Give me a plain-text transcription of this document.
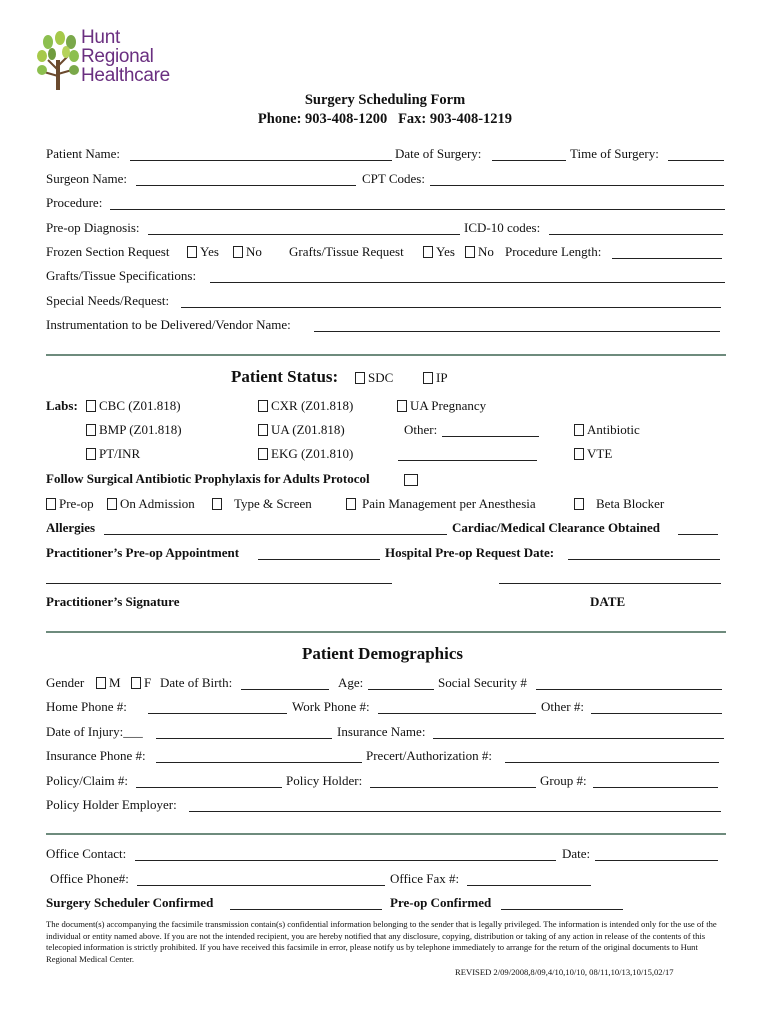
Hunt
Regional
Healthcare
Surgery Scheduling Form
Phone: 903-408-1200   Fax: 903-408-1219
Patient Name:	Date of Surgery:	Time of Surgery:
Surgeon Name:	CPT Codes:
Procedure:
Pre-op Diagnosis:	ICD-10 codes:
Frozen Section Request	Yes	No Grafts/Tissue Request	Yes	No Procedure Length:
Grafts/Tissue Specifications:
Special Needs/Request:
Instrumentation to be Delivered/Vendor Name:
Patient Status:	SDC	IP
Labs:	CBC (Z01.818)	CXR (Z01.818)	UA Pregnancy
BMP (Z01.818)	UA (Z01.818)	Other:	Antibiotic
PT/INR	EKG (Z01.810)	VTE
Follow Surgical Antibiotic Prophylaxis for Adults Protocol
Pre-op	On Admission	Type & Screen	Pain Management per Anesthesia	Beta Blocker
Allergies	Cardiac/Medical Clearance Obtained
Practitioner’s Pre-op Appointment	Hospital Pre-op Request Date:
Practitioner’s Signature	DATE
Patient Demographics
Gender	M	F Date of Birth:	Age:	Social Security #
Home Phone #:	Work Phone #:	Other #:
Date of Injury:___	Insurance Name:
Insurance Phone #:	Precert/Authorization #:
Policy/Claim #:	Policy Holder:	Group #:
Policy Holder Employer:
Office Contact:	Date:
Office Phone#:	Office Fax #:
Surgery Scheduler Confirmed	Pre-op Confirmed
The document(s) accompanying the facsimile transmission contain(s) confidential information belonging to the sender that is legally privileged. The information is intended only for the use of the individual or entity named above. If you are not the intended recipient, you are hereby notified that any disclosure, copying, distribution or taking of any action in release of the contents of this telecopied information is strictly prohibited. If you have received this facsimile in error, please notify us by telephone immediately to arrange for the return of the original documents to Hunt Regional Medical Center.
REVISED 2/09/2008,8/09,4/10,10/10, 08/11,10/13,10/15,02/17
